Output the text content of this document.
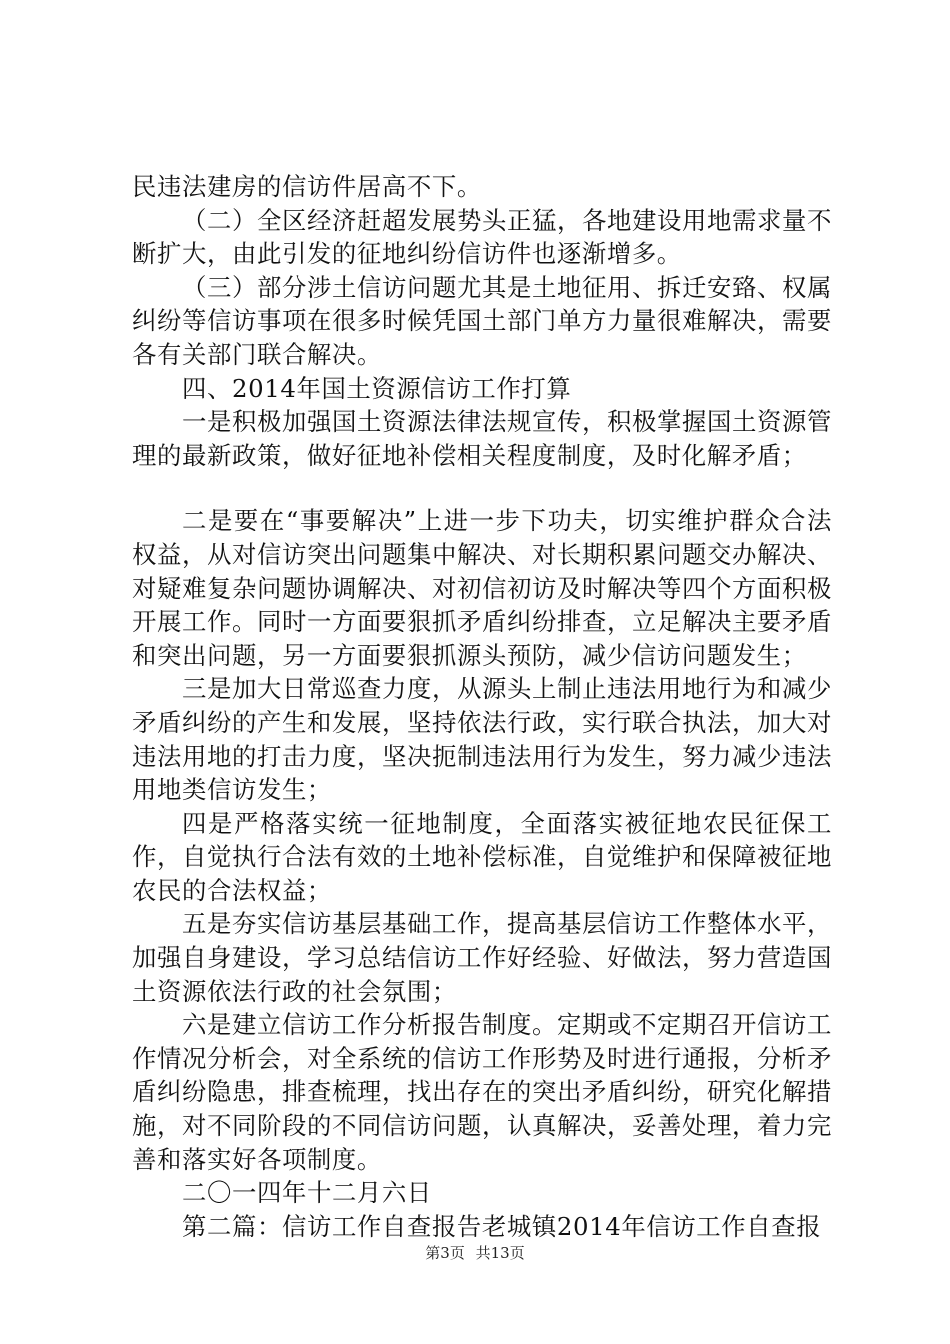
民违法建房的信访件居高不下。

（二）全区经济赶超发展势头正猛，各地建设用地需求量不断扩大，由此引发的征地纠纷信访件也逐渐增多。

（三）部分涉土信访问题尤其是土地征用、拆迁安臵、权属纠纷等信访事项在很多时候凭国土部门单方力量很难解决，需要各有关部门联合解决。

四、2014年国土资源信访工作打算

一是积极加强国土资源法律法规宣传，积极掌握国土资源管理的最新政策，做好征地补偿相关程度制度，及时化解矛盾；

二是要在“事要解决”上进一步下功夫，切实维护群众合法权益，从对信访突出问题集中解决、对长期积累问题交办解决、对疑难复杂问题协调解决、对初信初访及时解决等四个方面积极开展工作。同时一方面要狠抓矛盾纠纷排查，立足解决主要矛盾和突出问题，另一方面要狠抓源头预防，减少信访问题发生；

三是加大日常巡查力度，从源头上制止违法用地行为和减少矛盾纠纷的产生和发展，坚持依法行政，实行联合执法，加大对违法用地的打击力度，坚决扼制违法用行为发生，努力减少违法用地类信访发生；

四是严格落实统一征地制度，全面落实被征地农民征保工作，自觉执行合法有效的土地补偿标准，自觉维护和保障被征地农民的合法权益；

五是夯实信访基层基础工作，提高基层信访工作整体水平，加强自身建设，学习总结信访工作好经验、好做法，努力营造国土资源依法行政的社会氛围；

六是建立信访工作分析报告制度。定期或不定期召开信访工作情况分析会，对全系统的信访工作形势及时进行通报，分析矛盾纠纷隐患，排查梳理，找出存在的突出矛盾纠纷，研究化解措施，对不同阶段的不同信访问题，认真解决，妥善处理，着力完善和落实好各项制度。

二〇一四年十二月六日

第二篇：信访工作自查报告老城镇2014年信访工作自查报

第3页 共13页
